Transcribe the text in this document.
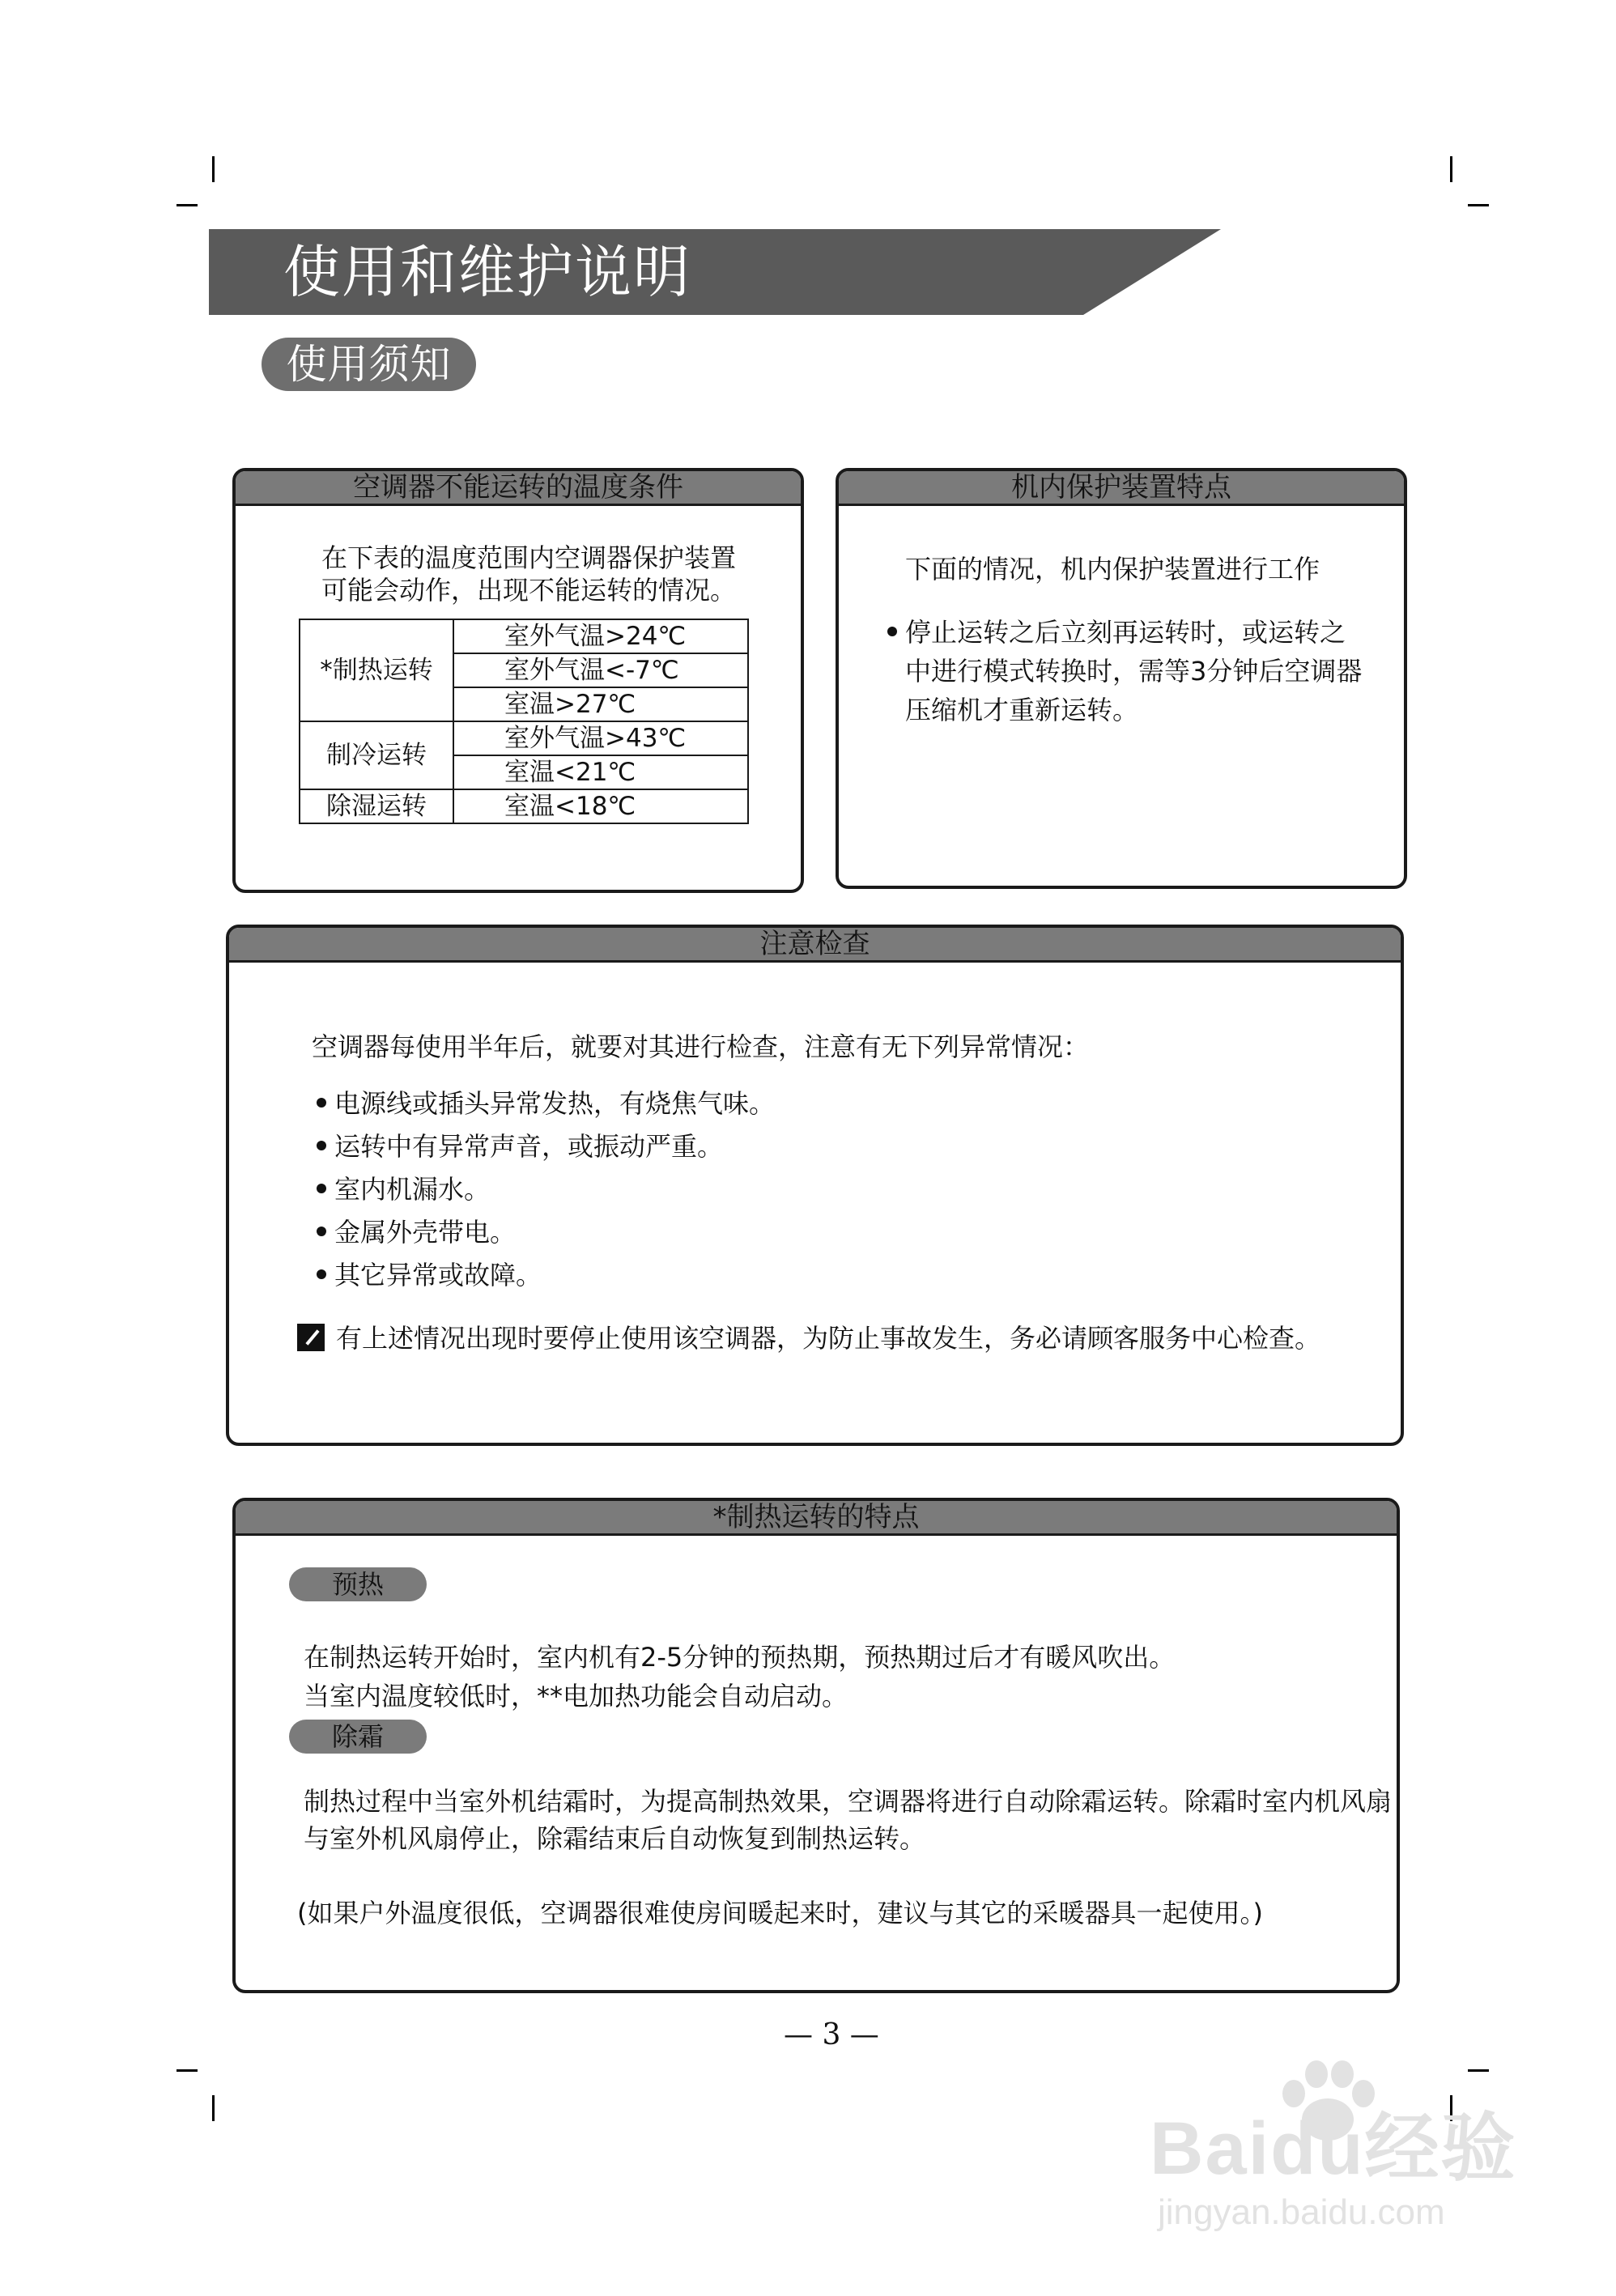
使用和维护说明
使用须知
空调器不能运转的温度条件
在下表的温度范围内空调器保护装置
可能会动作，出现不能运转的情况。
*制热运转	室外气温>24℃
	室外气温<-7℃
	室温>27℃
制冷运转	室外气温>43℃
	室温<21℃
除湿运转	室温<18℃
机内保护装置特点
下面的情况，机内保护装置进行工作
停止运转之后立刻再运转时，或运转之
中进行模式转换时，需等3分钟后空调器
压缩机才重新运转。
注意检查
空调器每使用半年后，就要对其进行检查，注意有无下列异常情况：
电源线或插头异常发热，有烧焦气味。
运转中有异常声音，或振动严重。
室内机漏水。
金属外壳带电。
其它异常或故障。
有上述情况出现时要停止使用该空调器，为防止事故发生，务必请顾客服务中心检查。
*制热运转的特点
预热
在制热运转开始时，室内机有2-5分钟的预热期，预热期过后才有暖风吹出。
当室内温度较低时，**电加热功能会自动启动。
除霜
制热过程中当室外机结霜时，为提高制热效果，空调器将进行自动除霜运转。除霜时室内机风扇
与室外机风扇停止，除霜结束后自动恢复到制热运转。
(如果户外温度很低，空调器很难使房间暖起来时，建议与其它的采暖器具一起使用。)
— 3 —
Baidu经验
jingyan.baidu.com
